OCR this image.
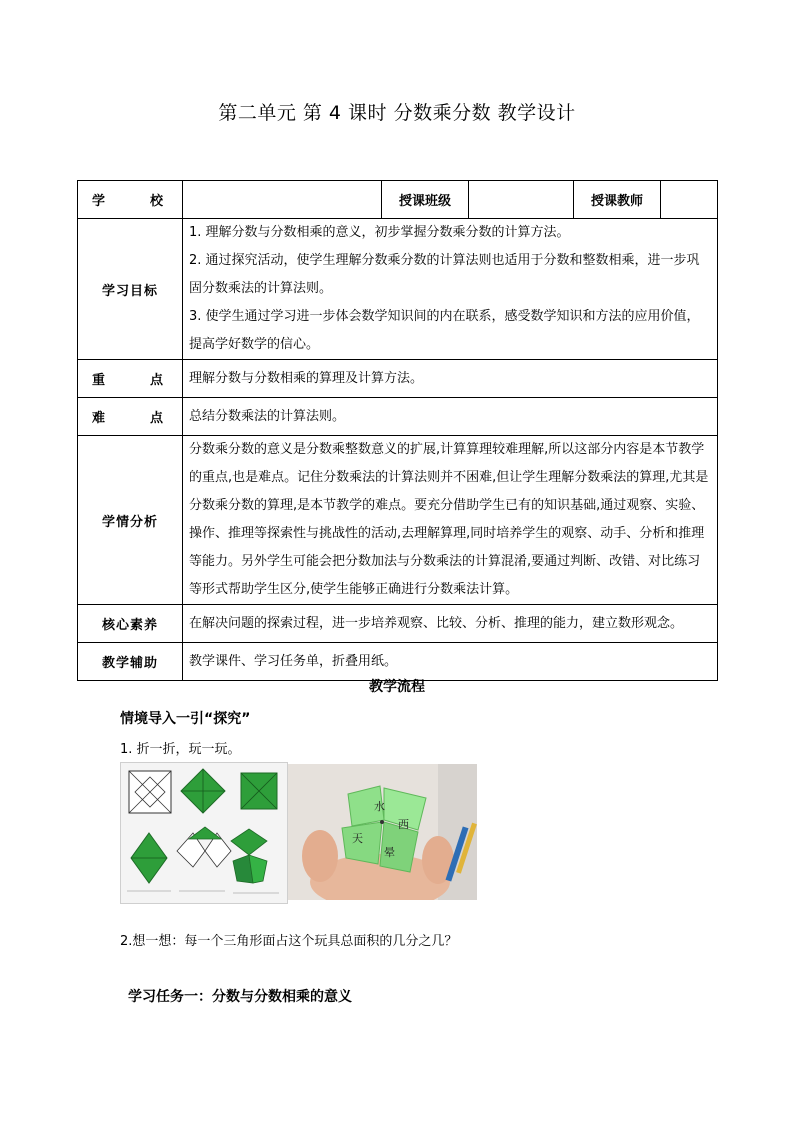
第二单元 第 4 课时 分数乘分数 教学设计
学 校		授课班级		授课教师	
学习目标	1. 理解分数与分数相乘的意义，初步掌握分数乘分数的计算方法。
2. 通过探究活动，使学生理解分数乘分数的计算法则也适用于分数和整数相乘，进一步巩固分数乘法的计算法则。
3. 使学生通过学习进一步体会数学知识间的内在联系，感受数学知识和方法的应用价值，提高学好数学的信心。				

重 点	理解分数与分数相乘的算理及计算方法。				
难 点	总结分数乘法的计算法则。				
学情分析	分数乘分数的意义是分数乘整数意义的扩展,计算算理较难理解,所以这部分内容是本节教学的重点,也是难点。记住分数乘法的计算法则并不困难,但让学生理解分数乘法的算理,尤其是分数乘分数的算理,是本节教学的难点。要充分借助学生已有的知识基础,通过观察、实验、操作、推理等探索性与挑战性的活动,去理解算理,同时培养学生的观察、动手、分析和推理等能力。另外学生可能会把分数加法与分数乘法的计算混淆,要通过判断、改错、对比练习等形式帮助学生区分,使学生能够正确进行分数乘法计算。				
核心素养	在解决问题的探索过程，进一步培养观察、比较、分析、推理的能力，建立数形观念。				
教学辅助	教学课件、学习任务单，折叠用纸。				
教学流程
情境导入一引“探究”
1. 折一折，玩一玩。
水
西
天
晕
2.想一想：每一个三角形面占这个玩具总面积的几分之几？
学习任务一：分数与分数相乘的意义
